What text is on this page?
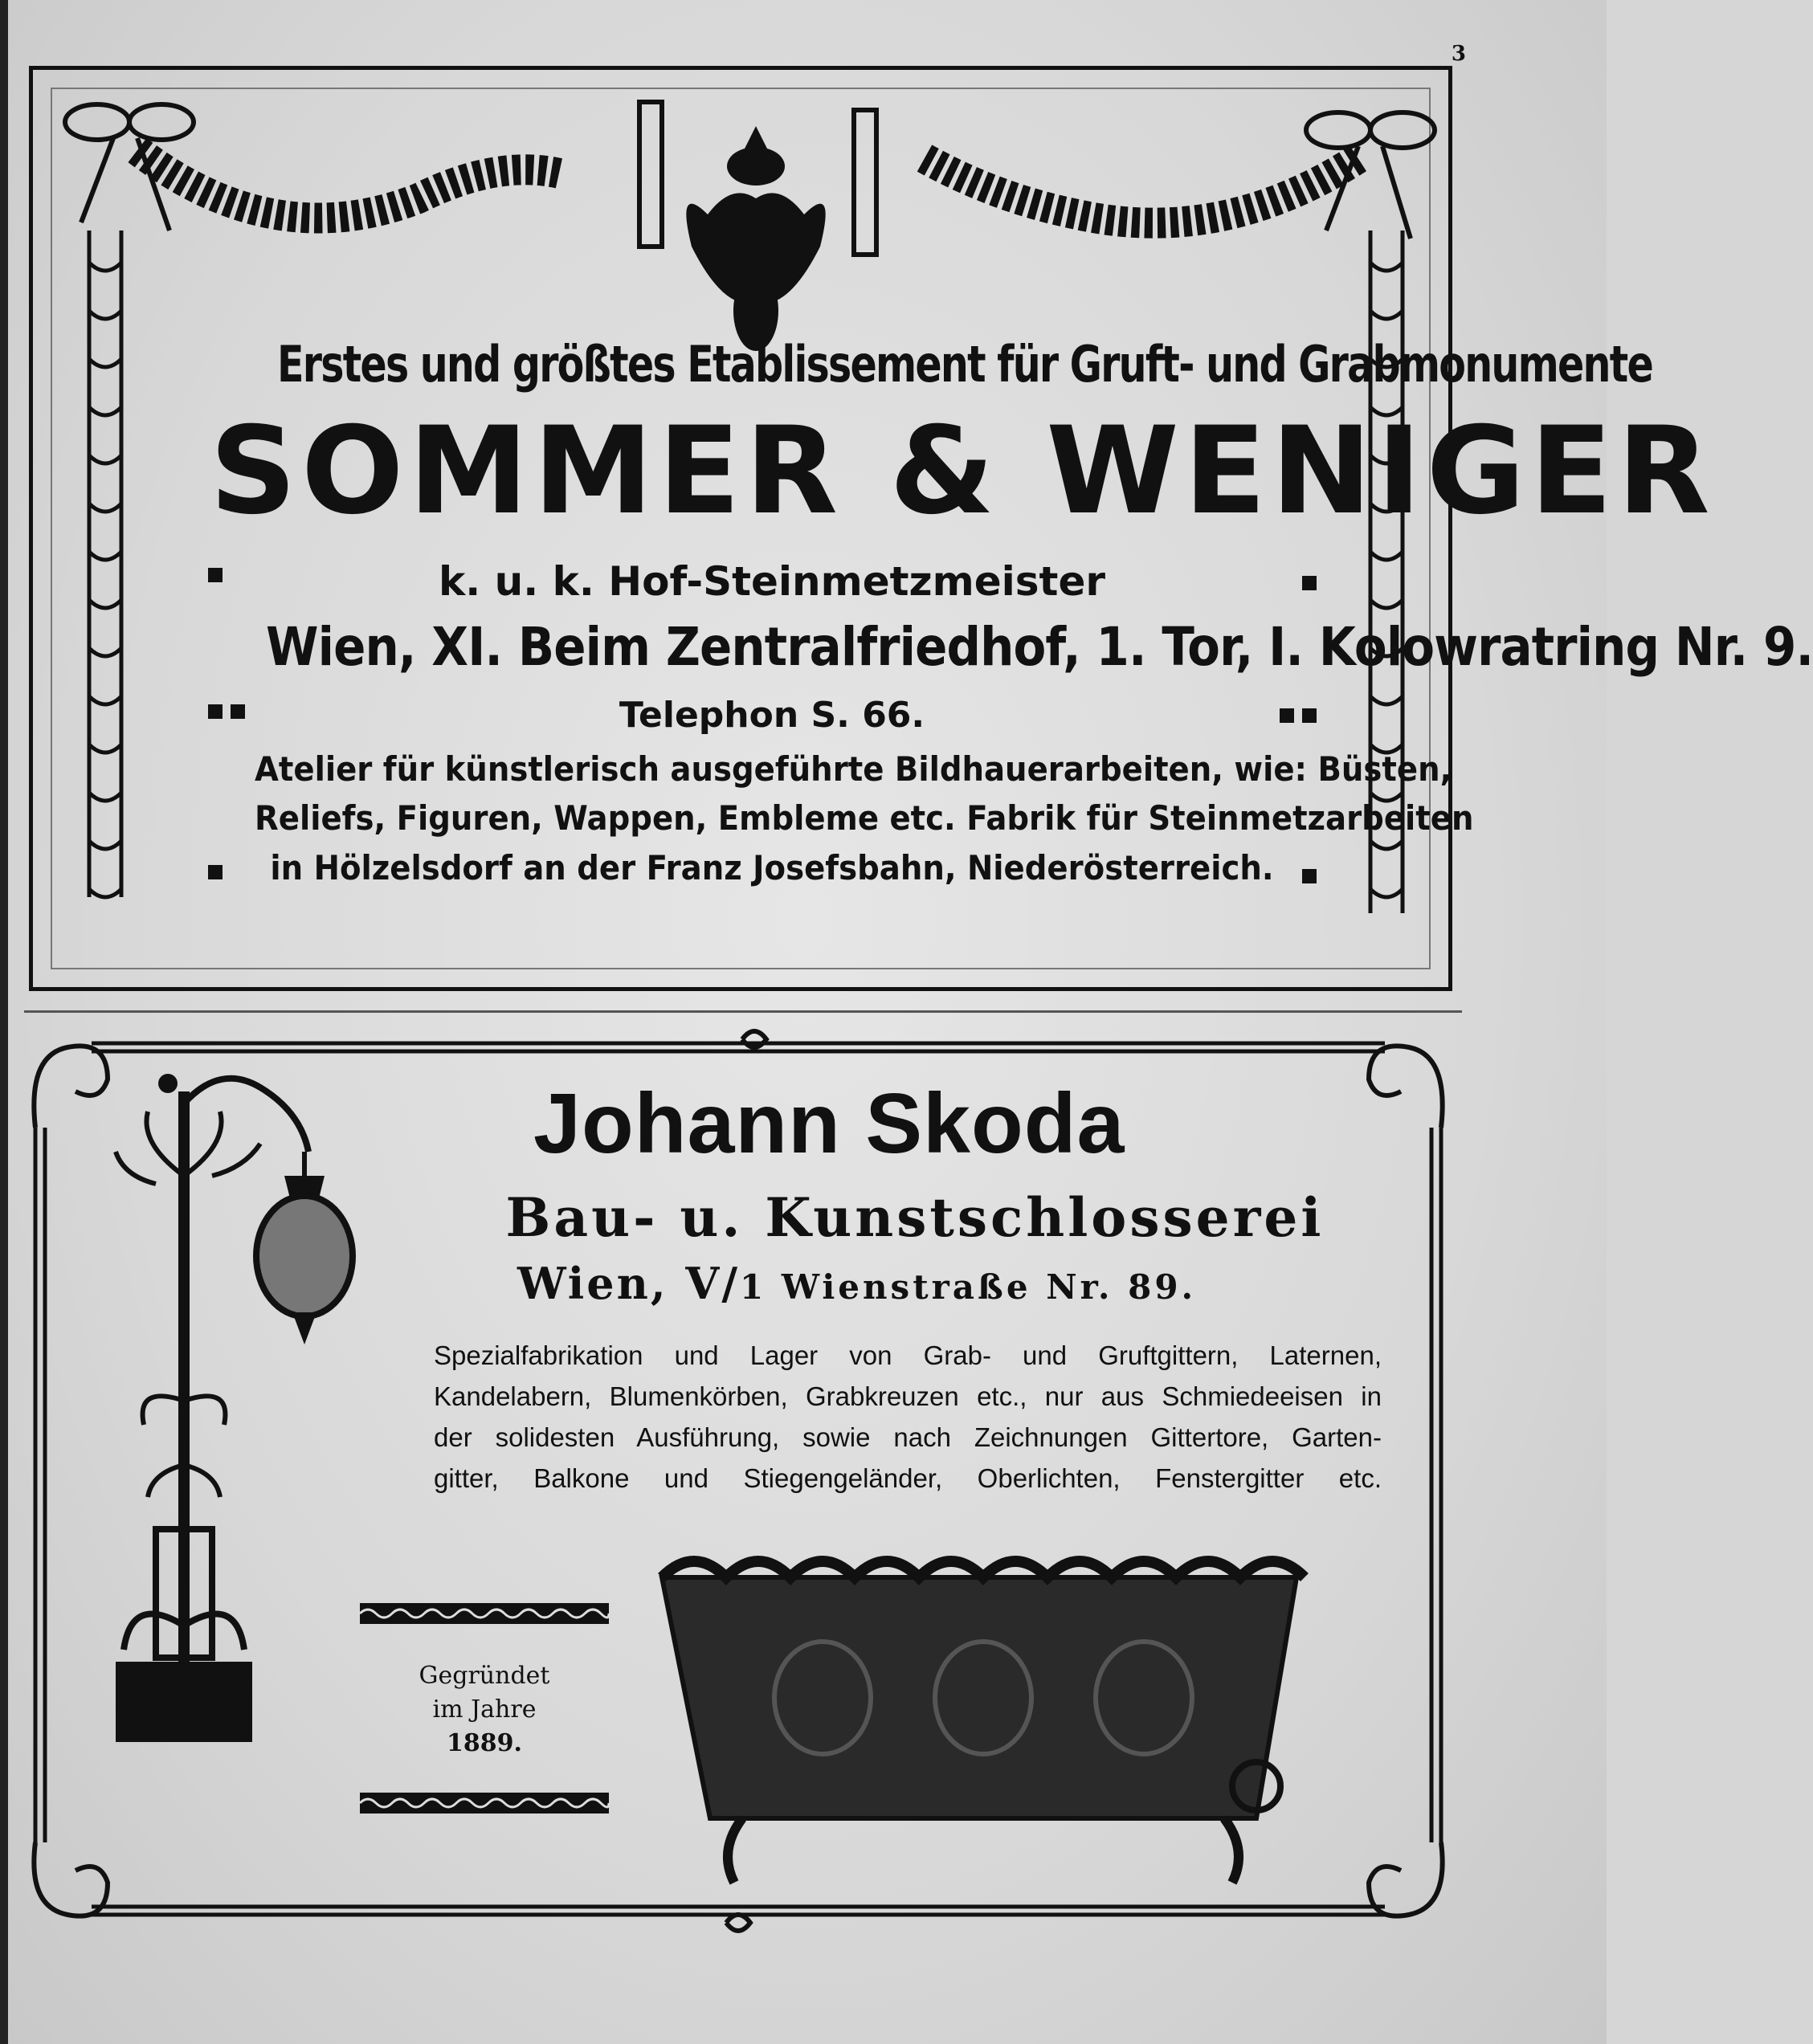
3
Erstes und größtes Etablissement für Gruft- und Grabmonumente
SOMMER & WENIGER
k. u. k. Hof-Steinmetzmeister
Wien, XI. Beim Zentralfriedhof, 1. Tor, I. Kolowratring Nr. 9.
Telephon S. 66.
Atelier für künstlerisch ausgeführte Bildhauerarbeiten, wie: Büsten,
Reliefs, Figuren, Wappen, Embleme etc. Fabrik für Steinmetzarbeiten
in Hölzelsdorf an der Franz Josefsbahn, Niederösterreich.
Johann Skoda
Bau- u. Kunstschlosserei
Wien, V/1 Wienstraße Nr. 89.
Spezialfabrikation und Lager von Grab- und Gruftgittern, Laternen,
Kandelabern, Blumenkörben, Grabkreuzen etc., nur aus Schmiedeeisen in
der solidesten Ausführung, sowie nach Zeichnungen Gittertore, Garten-
gitter, Balkone und Stiegengeländer, Oberlichten, Fenstergitter etc.
Gegründet
im Jahre
1889.
